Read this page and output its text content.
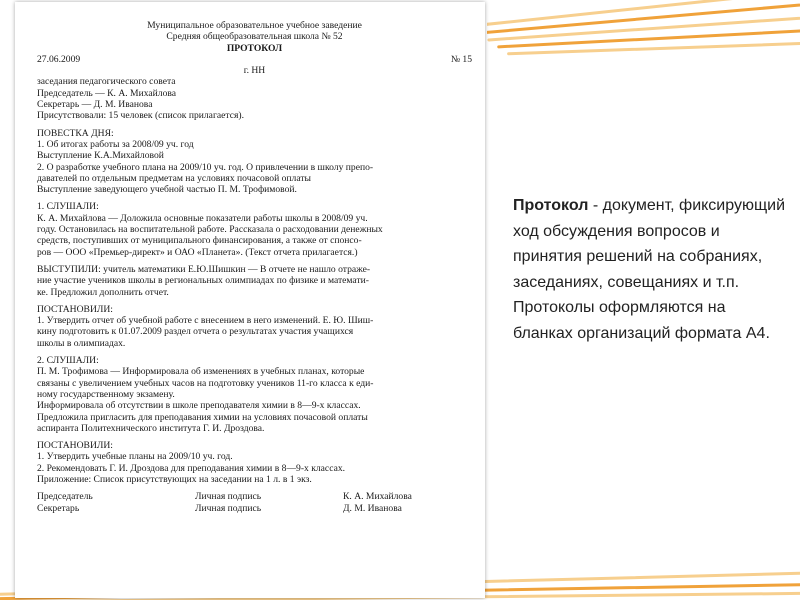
Муниципальное образовательное учебное заведение

Средняя общеобразовательная школа № 52

ПРОТОКОЛ

27.06.2009	№ 15

г. НН

заседания педагогического совета

Председатель — К. А. Михайлова

Секретарь — Д. М. Иванова

Присутствовали: 15 человек (список прилагается).

ПОВЕСТКА ДНЯ:

1. Об итогах работы за 2008/09 уч. год

Выступление К.А.Михайловой

2. О разработке учебного плана на 2009/10 уч. год. О привлечении в школу препо-

давателей по отдельным предметам на условиях почасовой оплаты

Выступление заведующего учебной частью П. М. Трофимовой.

1. СЛУШАЛИ:

К. А. Михайлова — Доложила основные показатели работы школы в 2008/09 уч.

году. Остановилась на воспитательной работе. Рассказала о расходовании денежных

средств, поступивших от муниципального финансирования, а также от спонсо-

ров — ООО «Премьер-директ» и ОАО «Планета». (Текст отчета прилагается.)

ВЫСТУПИЛИ: учитель математики Е.Ю.Шишкин — В отчете не нашло отраже-

ние участие учеников школы в региональных олимпиадах по физике и математи-

ке. Предложил дополнить отчет.

ПОСТАНОВИЛИ:

1. Утвердить отчет об учебной работе с внесением в него изменений. Е. Ю. Шиш-

кину подготовить к 01.07.2009 раздел отчета о результатах участия учащихся

школы в олимпиадах.

2. СЛУШАЛИ:

П. М. Трофимова — Информировала об изменениях в учебных планах, которые

связаны с увеличением учебных часов на подготовку учеников 11-го класса к еди-

ному государственному экзамену.

Информировала об отсутствии в школе преподавателя химии в 8—9-х классах.

Предложила пригласить для преподавания химии на условиях почасовой оплаты

аспиранта Политехнического института Г. И. Дроздова.

ПОСТАНОВИЛИ:

1. Утвердить учебные планы на 2009/10 уч. год.

2. Рекомендовать Г. И. Дроздова для преподавания химии в 8—9-х классах.

Приложение: Список присутствующих на заседании на 1 л. в 1 экз.

Председатель	Личная подпись	К. А. Михайлова
Секретарь	Личная подпись	Д. М. Иванова
Протокол - документ, фиксирующий ход обсуждения вопросов и принятия решений на собраниях, заседаниях, совещаниях и т.п. Протоколы оформляются на бланках организаций формата А4.
